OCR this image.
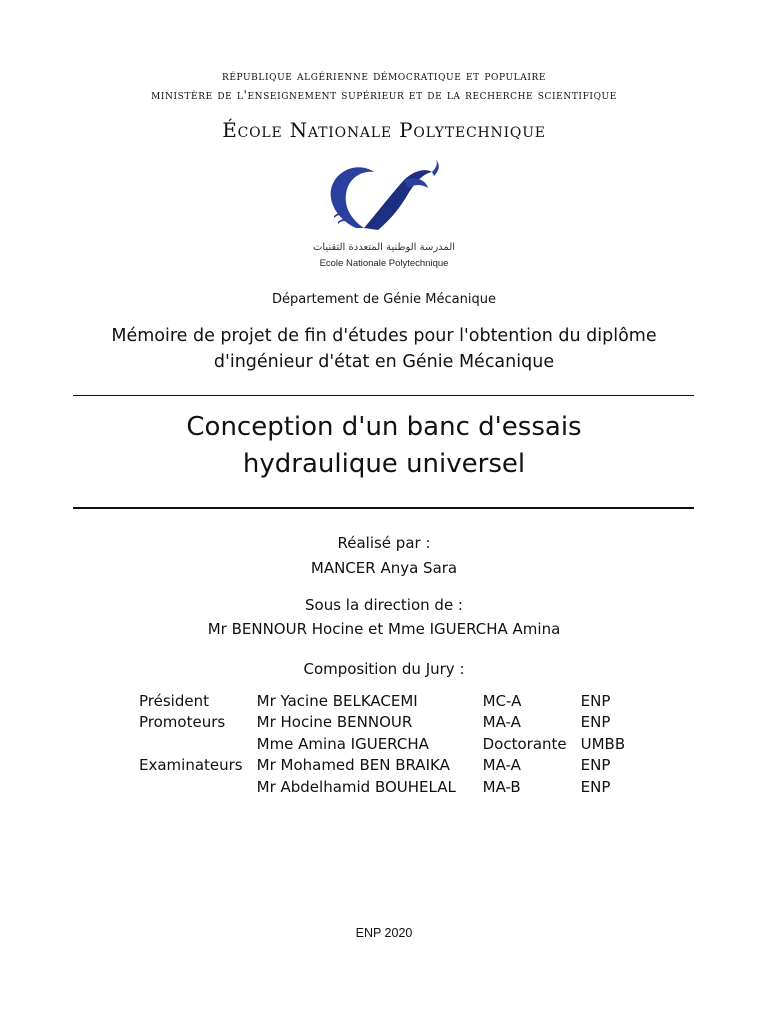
république algérienne démocratique et populaire
ministère de l'enseignement supérieur et de la recherche scientifique
École Nationale Polytechnique
المدرسة الوطنية المتعددة التقنيات
Ecole Nationale Polytechnique
Département de Génie Mécanique
Mémoire de projet de fin d'études pour l'obtention du diplôme
d'ingénieur d'état en Génie Mécanique
Conception d'un banc d'essais
hydraulique universel
Réalisé par :
MANCER Anya Sara
Sous la direction de :
Mr BENNOUR Hocine et Mme IGUERCHA Amina
Composition du Jury :
Président	Mr Yacine BELKACEMI	MC-A	ENP
Promoteurs	Mr Hocine BENNOUR	MA-A	ENP
	Mme Amina IGUERCHA	Doctorante	UMBB
Examinateurs	Mr Mohamed BEN BRAIKA	MA-A	ENP
	Mr Abdelhamid BOUHELAL	MA-B	ENP
ENP 2020
